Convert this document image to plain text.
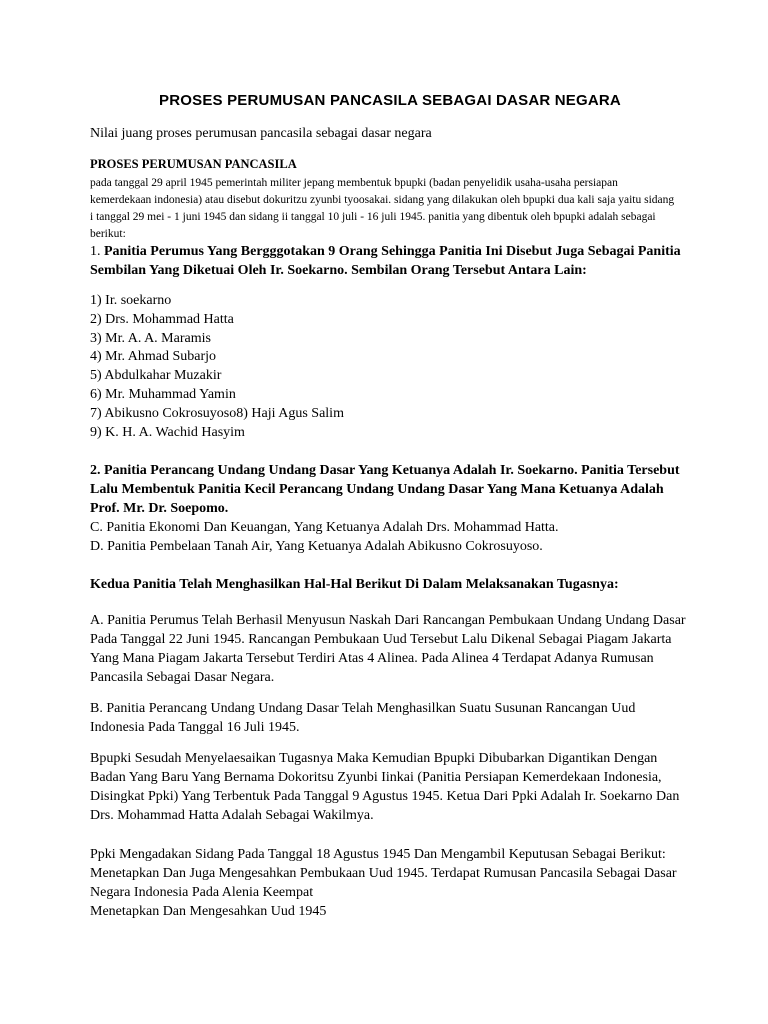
PROSES PERUMUSAN PANCASILA SEBAGAI DASAR NEGARA

Nilai juang proses perumusan pancasila sebagai dasar negara

PROSES PERUMUSAN PANCASILA

pada tanggal 29 april 1945 pemerintah militer jepang membentuk bpupki (badan penyelidik usaha-usaha persiapan kemerdekaan indonesia) atau disebut dokuritzu zyunbi tyoosakai. sidang yang dilakukan oleh bpupki dua kali saja yaitu sidang i tanggal 29 mei - 1 juni 1945 dan sidang ii tanggal 10 juli - 16 juli 1945. panitia yang dibentuk oleh bpupki adalah sebagai berikut:

1. Panitia Perumus Yang Bergggotakan 9 Orang Sehingga Panitia Ini Disebut Juga Sebagai Panitia Sembilan Yang Diketuai Oleh Ir. Soekarno. Sembilan Orang Tersebut Antara Lain:

1) Ir. soekarno
2) Drs. Mohammad Hatta
3) Mr. A. A. Maramis
4) Mr. Ahmad Subarjo
5) Abdulkahar Muzakir
6) Mr. Muhammad Yamin
7) Abikusno Cokrosuyoso8) Haji Agus Salim
9) K. H. A. Wachid Hasyim

2. Panitia Perancang Undang Undang Dasar Yang Ketuanya Adalah Ir. Soekarno. Panitia Tersebut Lalu Membentuk Panitia Kecil Perancang Undang Undang Dasar Yang Mana Ketuanya Adalah Prof. Mr. Dr. Soepomo.

C. Panitia Ekonomi Dan Keuangan, Yang Ketuanya Adalah Drs. Mohammad Hatta.

D. Panitia Pembelaan Tanah Air, Yang Ketuanya Adalah Abikusno Cokrosuyoso.

Kedua Panitia Telah Menghasilkan Hal-Hal Berikut Di Dalam Melaksanakan Tugasnya:

A. Panitia Perumus Telah Berhasil Menyusun Naskah Dari Rancangan Pembukaan Undang Undang Dasar Pada Tanggal 22 Juni 1945. Rancangan Pembukaan Uud Tersebut Lalu Dikenal Sebagai Piagam Jakarta Yang Mana Piagam Jakarta Tersebut Terdiri Atas 4 Alinea. Pada Alinea 4 Terdapat Adanya Rumusan Pancasila Sebagai Dasar Negara.

B. Panitia Perancang Undang Undang Dasar Telah Menghasilkan Suatu Susunan Rancangan Uud Indonesia Pada Tanggal 16 Juli 1945.

Bpupki Sesudah Menyelaesaikan Tugasnya Maka Kemudian Bpupki Dibubarkan Digantikan Dengan Badan Yang Baru Yang Bernama Dokoritsu Zyunbi Iinkai (Panitia Persiapan Kemerdekaan Indonesia, Disingkat Ppki) Yang Terbentuk Pada Tanggal 9 Agustus 1945. Ketua Dari Ppki Adalah Ir. Soekarno Dan Drs. Mohammad Hatta Adalah Sebagai Wakilmya.

Ppki Mengadakan Sidang Pada Tanggal 18 Agustus 1945 Dan Mengambil Keputusan Sebagai Berikut:

Menetapkan Dan Juga Mengesahkan Pembukaan Uud 1945. Terdapat Rumusan Pancasila Sebagai Dasar Negara Indonesia Pada Alenia Keempat

Menetapkan Dan Mengesahkan Uud 1945
